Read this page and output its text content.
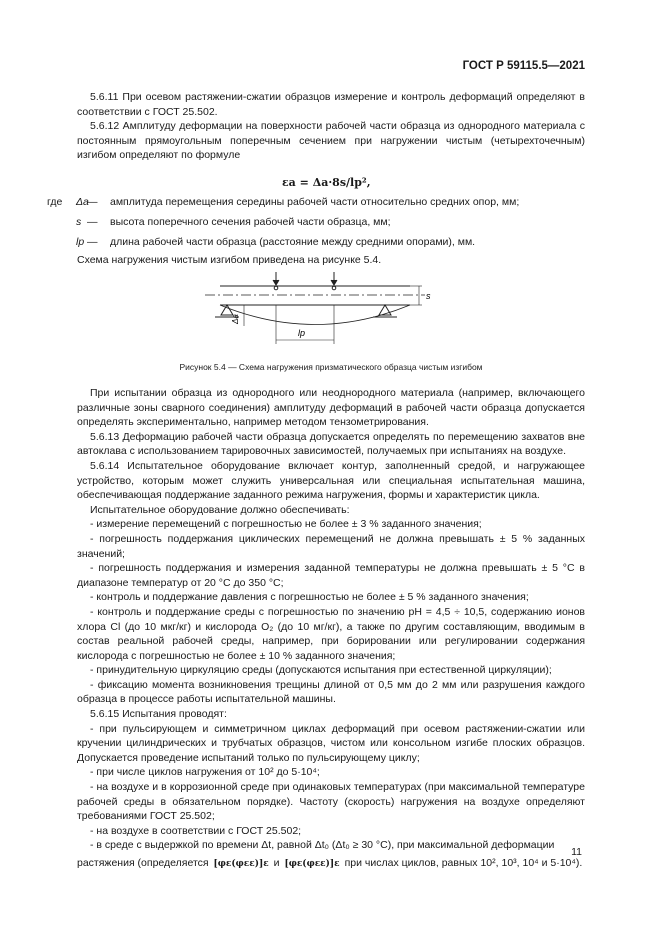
ГОСТ Р 59115.5—2021

5.6.11 При осевом растяжении-сжатии образцов измерение и контроль деформаций определяют в соответствии с ГОСТ 25.502.

5.6.12 Амплитуду деформации на поверхности рабочей части образца из однородного материала с постоянным прямоугольным поперечным сечением при нагружении чистым (четырехточечным) изгибом определяют по формуле

εa = Δa·8s/lp²,
где Δa
— амплитуда перемещения середины рабочей части относительно средних опор, мм;
s — высота поперечного сечения рабочей части образца, мм;
lp — длина рабочей части образца (расстояние между средними опорами), мм.
Схема нагружения чистым изгибом приведена на рисунке 5.4.
s
Δa
lp
Рисунок 5.4 — Схема нагружения призматического образца чистым изгибом

При испытании образца из однородного или неоднородного материала (например, включающего различные зоны сварного соединения) амплитуду деформаций в рабочей части образца допускается определять экспериментально, например методом тензометрирования.

5.6.13 Деформацию рабочей части образца допускается определять по перемещению захватов вне автоклава с использованием тарировочных зависимостей, получаемых при испытаниях на воздухе.

5.6.14 Испытательное оборудование включает контур, заполненный средой, и нагружающее устройство, которым может служить универсальная или специальная испытательная машина, обеспечивающая поддержание заданного режима нагружения, формы и характеристик цикла.

Испытательное оборудование должно обеспечивать:

- измерение перемещений с погрешностью не более ± 3 % заданного значения;

- погрешность поддержания циклических перемещений не должна превышать ± 5 % заданных значений;

- погрешность поддержания и измерения заданной температуры не должна превышать ± 5 °С в диапазоне температур от 20 °С до 350 °С;

- контроль и поддержание давления с погрешностью не более ± 5 % заданного значения;

- контроль и поддержание среды с погрешностью по значению pH = 4,5 ÷ 10,5, содержанию ионов хлора Cl (до 10 мкг/кг) и кислорода O₂ (до 10 мг/кг), а также по другим составляющим, вводимым в состав реальной рабочей среды, например, при борировании или регулировании содержания кислорода с погрешностью не более ± 10 % заданного значения;

- принудительную циркуляцию среды (допускаются испытания при естественной циркуляции);

- фиксацию момента возникновения трещины длиной от 0,5 мм до 2 мм или разрушения каждого образца в процессе работы испытательной машины.

5.6.15 Испытания проводят:

- при пульсирующем и симметричном циклах деформаций при осевом растяжении-сжатии или кручении цилиндрических и трубчатых образцов, чистом или консольном изгибе плоских образцов. Допускается проведение испытаний только по пульсирующему циклу;

- при числе циклов нагружения от 10² до 5·10⁴;

- на воздухе и в коррозионной среде при одинаковых температурах (при максимальной температуре рабочей среды в обязательном порядке). Частоту (скорость) нагружения на воздухе определяют требованиями ГОСТ 25.502;

- на воздухе в соответствии с ГОСТ 25.502;

- в среде с выдержкой по времени Δt, равной Δt₀ (Δt₀ ≥ 30 °С), при максимальной деформации

растяжения (определяется [φε(φεε)]ε и [φε(φεε)]ε при числах циклов, равных 10², 10³, 10⁴ и 5·10⁴).

11
